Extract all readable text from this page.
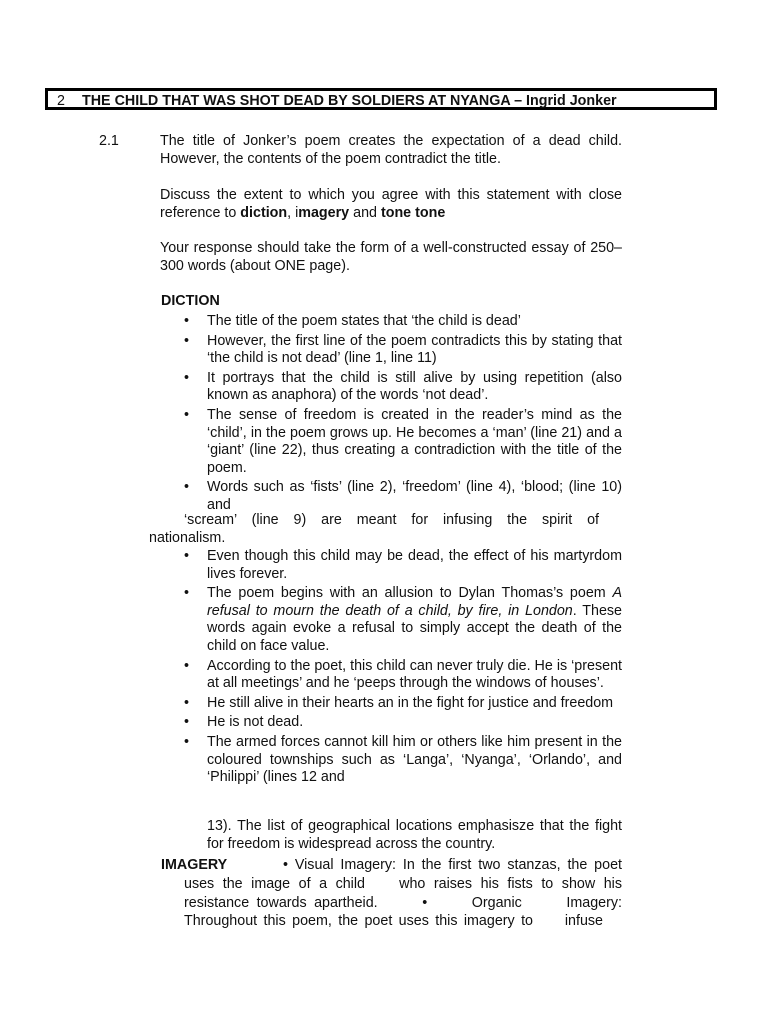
2 THE CHILD THAT WAS SHOT DEAD BY SOLDIERS AT NYANGA – Ingrid Jonker
2.1	The title of Jonker’s poem creates the expectation of a dead child. However, the contents of the poem contradict the title.
Discuss the extent to which you agree with this statement with close reference to diction, imagery and tone tone
Your response should take the form of a well-constructed essay of 250–300 words (about ONE page).
DICTION
• The title of the poem states that ‘the child is dead’
• However, the first line of the poem contradicts this by stating that ‘the child is not dead’ (line 1, line 11)
• It portrays that the child is still alive by using repetition (also known as anaphora) of the words ‘not dead’.
• The sense of freedom is created in the reader’s mind as the ‘child’, in the poem grows up. He becomes a ‘man’ (line 21) and a ‘giant’ (line 22), thus creating a contradiction with the title of the poem.
• Words such as ‘fists’ (line 2), ‘freedom’ (line 4), ‘blood; (line 10) and
‘scream’ (line 9) are meant for infusing the spirit of
nationalism.
• Even though this child may be dead, the effect of his martyrdom lives forever.
• The poem begins with an allusion to Dylan Thomas’s poem A refusal to mourn the death of a child, by fire, in London. These words again evoke a refusal to simply accept the death of the child on face value.
• According to the poet, this child can never truly die. He is ‘present at all meetings’ and he ‘peeps through the windows of houses’.
• He still alive in their hearts an in the fight for justice and freedom
• He is not dead.
• The armed forces cannot kill him or others like him present in the coloured townships such as ‘Langa’, ‘Nyanga’, ‘Orlando’, and ‘Philippi’ (lines 12 and
13). The list of geographical locations emphasisze that the fight for freedom is widespread across the country.
IMAGERY	• Visual Imagery: In the first two stanzas, the poet
uses the image of a child    who raises his fists to show his
resistance towards apartheid.      •      Organic      Imagery:
Throughout this poem, the poet uses this imagery to     infuse
